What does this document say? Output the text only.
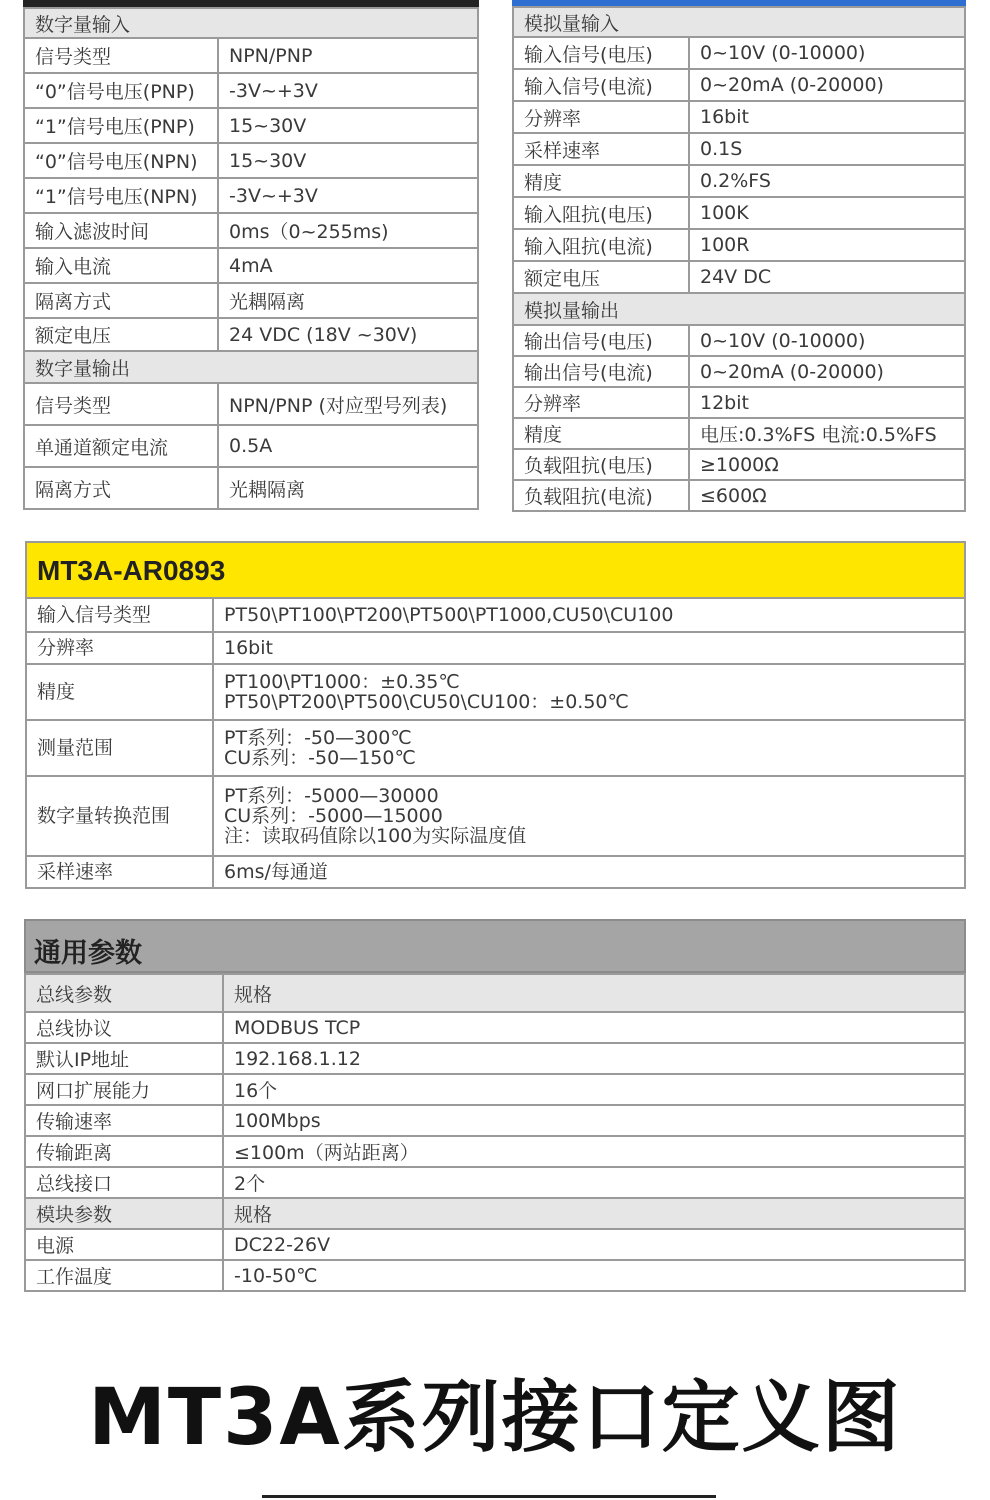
数字量输入	
信号类型	NPN/PNP
“0”信号电压(PNP)	-3V~+3V
“1”信号电压(PNP)	15~30V
“0”信号电压(NPN)	15~30V
“1”信号电压(NPN)	-3V~+3V
输入滤波时间	0ms（0~255ms)
输入电流	4mA
隔离方式	光耦隔离
额定电压	24 VDC (18V ~30V)
数字量输出	
信号类型	NPN/PNP (对应型号列表)
单通道额定电流	0.5A
隔离方式	光耦隔离
模拟量输入	
输入信号(电压)	0~10V (0-10000)
输入信号(电流)	0~20mA (0-20000)
分辨率	16bit
采样速率	0.1S
精度	0.2%FS
输入阻抗(电压)	100K
输入阻抗(电流)	100R
额定电压	24V DC
模拟量输出	
输出信号(电压)	0~10V (0-10000)
输出信号(电流)	0~20mA (0-20000)
分辨率	12bit
精度	电压:0.3%FS 电流:0.5%FS
负载阻抗(电压)	≥1000Ω
负载阻抗(电流)	≤600Ω
MT3A-AR0893
输入信号类型	PT50\PT100\PT200\PT500\PT1000,CU50\CU100
分辨率	16bit
精度	PT100\PT1000：±0.35℃
PT50\PT200\PT500\CU50\CU100：±0.50℃
测量范围	PT系列：-50—300℃
CU系列：-50—150℃
数字量转换范围	PT系列：-5000—30000
CU系列：-5000—15000
注：读取码值除以100为实际温度值
采样速率	6ms/每通道
通用参数
总线参数	规格
总线协议	MODBUS TCP
默认IP地址	192.168.1.12
网口扩展能力	16个
传输速率	100Mbps
传输距离	≤100m（两站距离）
总线接口	2个
模块参数	规格
电源	DC22-26V
工作温度	-10-50℃
MT3A系列接口定义图
